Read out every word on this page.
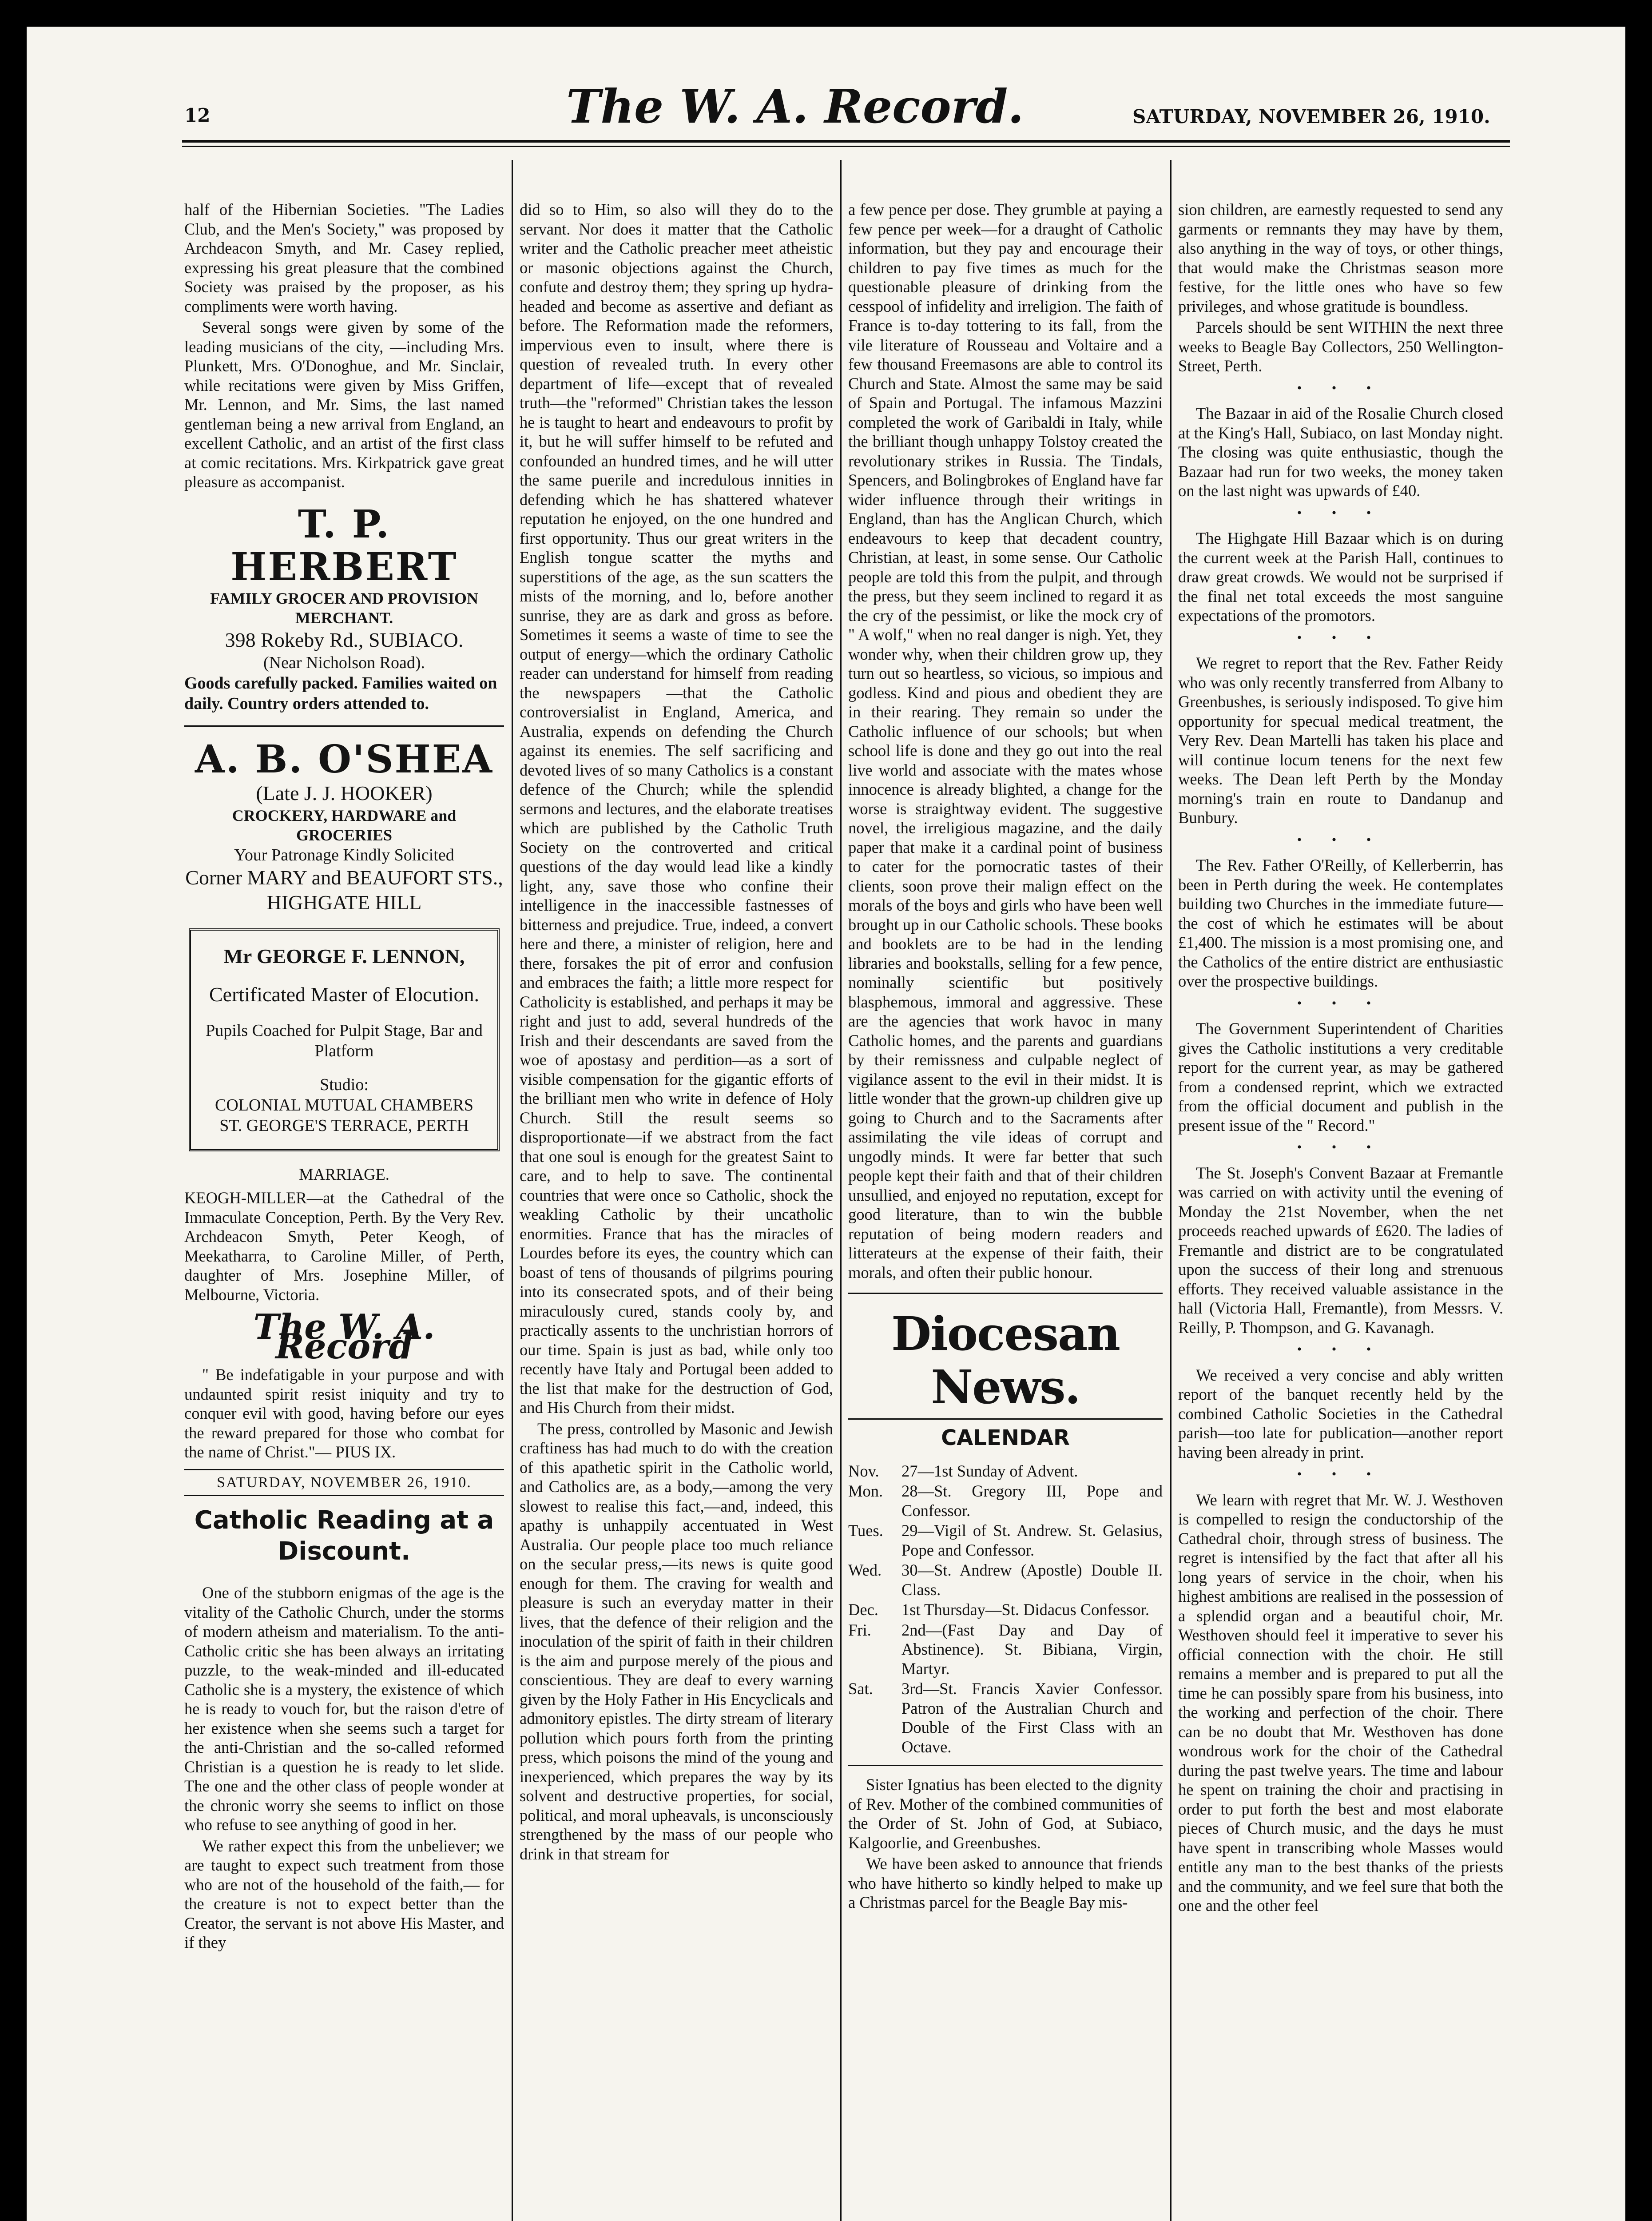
12	The W. A. Record.	SATURDAY, NOVEMBER 26, 1910.

half of the Hibernian Societies. "The Ladies Club, and the Men's Society," was proposed by Archdeacon Smyth, and Mr. Casey replied, expressing his great pleasure that the combined Society was praised by the proposer, as his compliments were worth having.

Several songs were given by some of the leading musicians of the city, —including Mrs. Plunkett, Mrs. O'Donoghue, and Mr. Sinclair, while recitations were given by Miss Griffen, Mr. Lennon, and Mr. Sims, the last named gentleman being a new arrival from England, an excellent Catholic, and an artist of the first class at comic recitations. Mrs. Kirkpatrick gave great pleasure as accompanist.

T. P. HERBERT
FAMILY GROCER AND PROVISION MERCHANT.
398 Rokeby Rd., SUBIACO.
(Near Nicholson Road).
Goods carefully packed. Families waited on daily. Country orders attended to.
A. B. O'SHEA
(Late J. J. HOOKER)
CROCKERY, HARDWARE and GROCERIES
Your Patronage Kindly Solicited
Corner MARY and BEAUFORT STS., HIGHGATE HILL
Mr GEORGE F. LENNON,
Certificated Master of Elocution.
Pupils Coached for Pulpit Stage, Bar and Platform
Studio:
COLONIAL MUTUAL CHAMBERS ST. GEORGE'S TERRACE, PERTH
MARRIAGE.

KEOGH-MILLER—at the Cathedral of the Immaculate Conception, Perth. By the Very Rev. Archdeacon Smyth, Peter Keogh, of Meekatharra, to Caroline Miller, of Perth, daughter of Mrs. Josephine Miller, of Melbourne, Victoria.

The W. A. Record

" Be indefatigable in your purpose and with undaunted spirit resist iniquity and try to conquer evil with good, having before our eyes the reward prepared for those who combat for the name of Christ."— PIUS IX.

SATURDAY, NOVEMBER 26, 1910.
Catholic Reading at a Discount.

One of the stubborn enigmas of the age is the vitality of the Catholic Church, under the storms of modern atheism and materialism. To the anti-Catholic critic she has been always an irritating puzzle, to the weak-minded and ill-educated Catholic she is a mystery, the existence of which he is ready to vouch for, but the raison d'etre of her existence when she seems such a target for the anti-Christian and the so-called reformed Christian is a question he is ready to let slide. The one and the other class of people wonder at the chronic worry she seems to inflict on those who refuse to see anything of good in her.

We rather expect this from the unbeliever; we are taught to expect such treatment from those who are not of the household of the faith,— for the creature is not to expect better than the Creator, the servant is not above His Master, and if they

did so to Him, so also will they do to the servant. Nor does it matter that the Catholic writer and the Catholic preacher meet atheistic or masonic objections against the Church, confute and destroy them; they spring up hydra-headed and become as assertive and defiant as before. The Reformation made the reformers, impervious even to insult, where there is question of revealed truth. In every other department of life—except that of revealed truth—the "reformed" Christian takes the lesson he is taught to heart and endeavours to profit by it, but he will suffer himself to be refuted and confounded an hundred times, and he will utter the same puerile and incredulous innities in defending which he has shattered whatever reputation he enjoyed, on the one hundred and first opportunity. Thus our great writers in the English tongue scatter the myths and superstitions of the age, as the sun scatters the mists of the morning, and lo, before another sunrise, they are as dark and gross as before. Sometimes it seems a waste of time to see the output of energy—which the ordinary Catholic reader can understand for himself from reading the newspapers —that the Catholic controversialist in England, America, and Australia, expends on defending the Church against its enemies. The self sacrificing and devoted lives of so many Catholics is a constant defence of the Church; while the splendid sermons and lectures, and the elaborate treatises which are published by the Catholic Truth Society on the controverted and critical questions of the day would lead like a kindly light, any, save those who confine their intelligence in the inaccessible fastnesses of bitterness and prejudice. True, indeed, a convert here and there, a minister of religion, here and there, forsakes the pit of error and confusion and embraces the faith; a little more respect for Catholicity is established, and perhaps it may be right and just to add, several hundreds of the Irish and their descendants are saved from the woe of apostasy and perdition—as a sort of visible compensation for the gigantic efforts of the brilliant men who write in defence of Holy Church. Still the result seems so disproportionate—if we abstract from the fact that one soul is enough for the greatest Saint to care, and to help to save. The continental countries that were once so Catholic, shock the weakling Catholic by their uncatholic enormities. France that has the miracles of Lourdes before its eyes, the country which can boast of tens of thousands of pilgrims pouring into its consecrated spots, and of their being miraculously cured, stands cooly by, and practically assents to the unchristian horrors of our time. Spain is just as bad, while only too recently have Italy and Portugal been added to the list that make for the destruction of God, and His Church from their midst.

The press, controlled by Masonic and Jewish craftiness has had much to do with the creation of this apathetic spirit in the Catholic world, and Catholics are, as a body,—among the very slowest to realise this fact,—and, indeed, this apathy is unhappily accentuated in West Australia. Our people place too much reliance on the secular press,—its news is quite good enough for them. The craving for wealth and pleasure is such an everyday matter in their lives, that the defence of their religion and the inoculation of the spirit of faith in their children is the aim and purpose merely of the pious and conscientious. They are deaf to every warning given by the Holy Father in His Encyclicals and admonitory epistles. The dirty stream of literary pollution which pours forth from the printing press, which poisons the mind of the young and inexperienced, which prepares the way by its solvent and destructive properties, for social, political, and moral upheavals, is unconsciously strengthened by the mass of our people who drink in that stream for

a few pence per dose. They grumble at paying a few pence per week—for a draught of Catholic information, but they pay and encourage their children to pay five times as much for the questionable pleasure of drinking from the cesspool of infidelity and irreligion. The faith of France is to-day tottering to its fall, from the vile literature of Rousseau and Voltaire and a few thousand Freemasons are able to control its Church and State. Almost the same may be said of Spain and Portugal. The infamous Mazzini completed the work of Garibaldi in Italy, while the brilliant though unhappy Tolstoy created the revolutionary strikes in Russia. The Tindals, Spencers, and Bolingbrokes of England have far wider influence through their writings in England, than has the Anglican Church, which endeavours to keep that decadent country, Christian, at least, in some sense. Our Catholic people are told this from the pulpit, and through the press, but they seem inclined to regard it as the cry of the pessimist, or like the mock cry of " A wolf," when no real danger is nigh. Yet, they wonder why, when their children grow up, they turn out so heartless, so vicious, so impious and godless. Kind and pious and obedient they are in their rearing. They remain so under the Catholic influence of our schools; but when school life is done and they go out into the real live world and associate with the mates whose innocence is already blighted, a change for the worse is straightway evident. The suggestive novel, the irreligious magazine, and the daily paper that make it a cardinal point of business to cater for the pornocratic tastes of their clients, soon prove their malign effect on the morals of the boys and girls who have been well brought up in our Catholic schools. These books and booklets are to be had in the lending libraries and bookstalls, selling for a few pence, nominally scientific but positively blasphemous, immoral and aggressive. These are the agencies that work havoc in many Catholic homes, and the parents and guardians by their remissness and culpable neglect of vigilance assent to the evil in their midst. It is little wonder that the grown-up children give up going to Church and to the Sacraments after assimilating the vile ideas of corrupt and ungodly minds. It were far better that such people kept their faith and that of their children unsullied, and enjoyed no reputation, except for good literature, than to win the bubble reputation of being modern readers and litterateurs at the expense of their faith, their morals, and often their public honour.

Diocesan News.
CALENDAR
Nov.	27—1st Sunday of Advent.
Mon.	28—St. Gregory III, Pope and Confessor.
Tues.	29—Vigil of St. Andrew. St. Gelasius, Pope and Confessor.
Wed.	30—St. Andrew (Apostle) Double II. Class.
Dec.	1st Thursday—St. Didacus Confessor.
Fri.	2nd—(Fast Day and Day of Abstinence). St. Bibiana, Virgin, Martyr.
Sat.	3rd—St. Francis Xavier Confessor. Patron of the Australian Church and Double of the First Class with an Octave.

Sister Ignatius has been elected to the dignity of Rev. Mother of the combined communities of the Order of St. John of God, at Subiaco, Kalgoorlie, and Greenbushes.

We have been asked to announce that friends who have hitherto so kindly helped to make up a Christmas parcel for the Beagle Bay mis-

sion children, are earnestly requested to send any garments or remnants they may have by them, also anything in the way of toys, or other things, that would make the Christmas season more festive, for the little ones who have so few privileges, and whose gratitude is boundless.

Parcels should be sent WITHIN the next three weeks to Beagle Bay Collectors, 250 Wellington-Street, Perth.

• • •

The Bazaar in aid of the Rosalie Church closed at the King's Hall, Subiaco, on last Monday night. The closing was quite enthusiastic, though the Bazaar had run for two weeks, the money taken on the last night was upwards of £40.

• • •

The Highgate Hill Bazaar which is on during the current week at the Parish Hall, continues to draw great crowds. We would not be surprised if the final net total exceeds the most sanguine expectations of the promotors.

• • •

We regret to report that the Rev. Father Reidy who was only recently transferred from Albany to Greenbushes, is seriously indisposed. To give him opportunity for specual medical treatment, the Very Rev. Dean Martelli has taken his place and will continue locum tenens for the next few weeks. The Dean left Perth by the Monday morning's train en route to Dandanup and Bunbury.

• • •

The Rev. Father O'Reilly, of Kellerberrin, has been in Perth during the week. He contemplates building two Churches in the immediate future—the cost of which he estimates will be about £1,400. The mission is a most promising one, and the Catholics of the entire district are enthusiastic over the prospective buildings.

• • •

The Government Superintendent of Charities gives the Catholic institutions a very creditable report for the current year, as may be gathered from a condensed reprint, which we extracted from the official document and publish in the present issue of the " Record."

• • •

The St. Joseph's Convent Bazaar at Fremantle was carried on with activity until the evening of Monday the 21st November, when the net proceeds reached upwards of £620. The ladies of Fremantle and district are to be congratulated upon the success of their long and strenuous efforts. They received valuable assistance in the hall (Victoria Hall, Fremantle), from Messrs. V. Reilly, P. Thompson, and G. Kavanagh.

• • •

We received a very concise and ably written report of the banquet recently held by the combined Catholic Societies in the Cathedral parish—too late for publication—another report having been already in print.

• • •

We learn with regret that Mr. W. J. Westhoven is compelled to resign the conductorship of the Cathedral choir, through stress of business. The regret is intensified by the fact that after all his long years of service in the choir, when his highest ambitions are realised in the possession of a splendid organ and a beautiful choir, Mr. Westhoven should feel it imperative to sever his official connection with the choir. He still remains a member and is prepared to put all the time he can possibly spare from his business, into the working and perfection of the choir. There can be no doubt that Mr. Westhoven has done wondrous work for the choir of the Cathedral during the past twelve years. The time and labour he spent on training the choir and practising in order to put forth the best and most elaborate pieces of Church music, and the days he must have spent in transcribing whole Masses would entitle any man to the best thanks of the priests and the community, and we feel sure that both the one and the other feel
